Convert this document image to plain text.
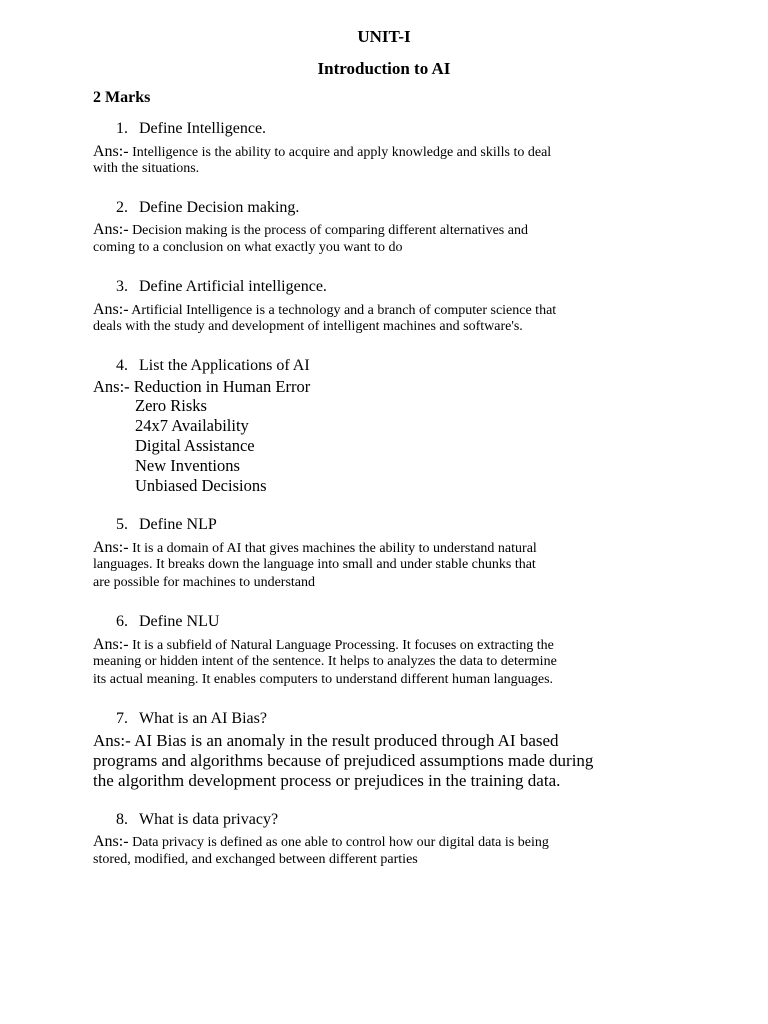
UNIT-I
Introduction to AI
2 Marks
1. Define Intelligence.
Ans:- Intelligence is the ability to acquire and apply knowledge and skills to deal
with the situations.
2. Define Decision making.
Ans:- Decision making is the process of comparing different alternatives and
coming to a conclusion on what exactly you want to do
3. Define Artificial intelligence.
Ans:- Artificial Intelligence is a technology and a branch of computer science that
deals with the study and development of intelligent machines and software's.
4. List the Applications of AI
Ans:- Reduction in Human Error
Zero Risks
24x7 Availability
Digital Assistance
New Inventions
Unbiased Decisions
5. Define NLP
Ans:- It is a domain of AI that gives machines the ability to understand natural
languages. It breaks down the language into small and under stable chunks that
are possible for machines to understand
6. Define NLU
Ans:- It is a subfield of Natural Language Processing. It focuses on extracting the
meaning or hidden intent of the sentence. It helps to analyzes the data to determine
its actual meaning. It enables computers to understand different human languages.
7. What is an AI Bias?
Ans:- AI Bias is an anomaly in the result produced through AI based
programs and algorithms because of prejudiced assumptions made during
the algorithm development process or prejudices in the training data.
8. What is data privacy?
Ans:- Data privacy is defined as one able to control how our digital data is being
stored, modified, and exchanged between different parties
